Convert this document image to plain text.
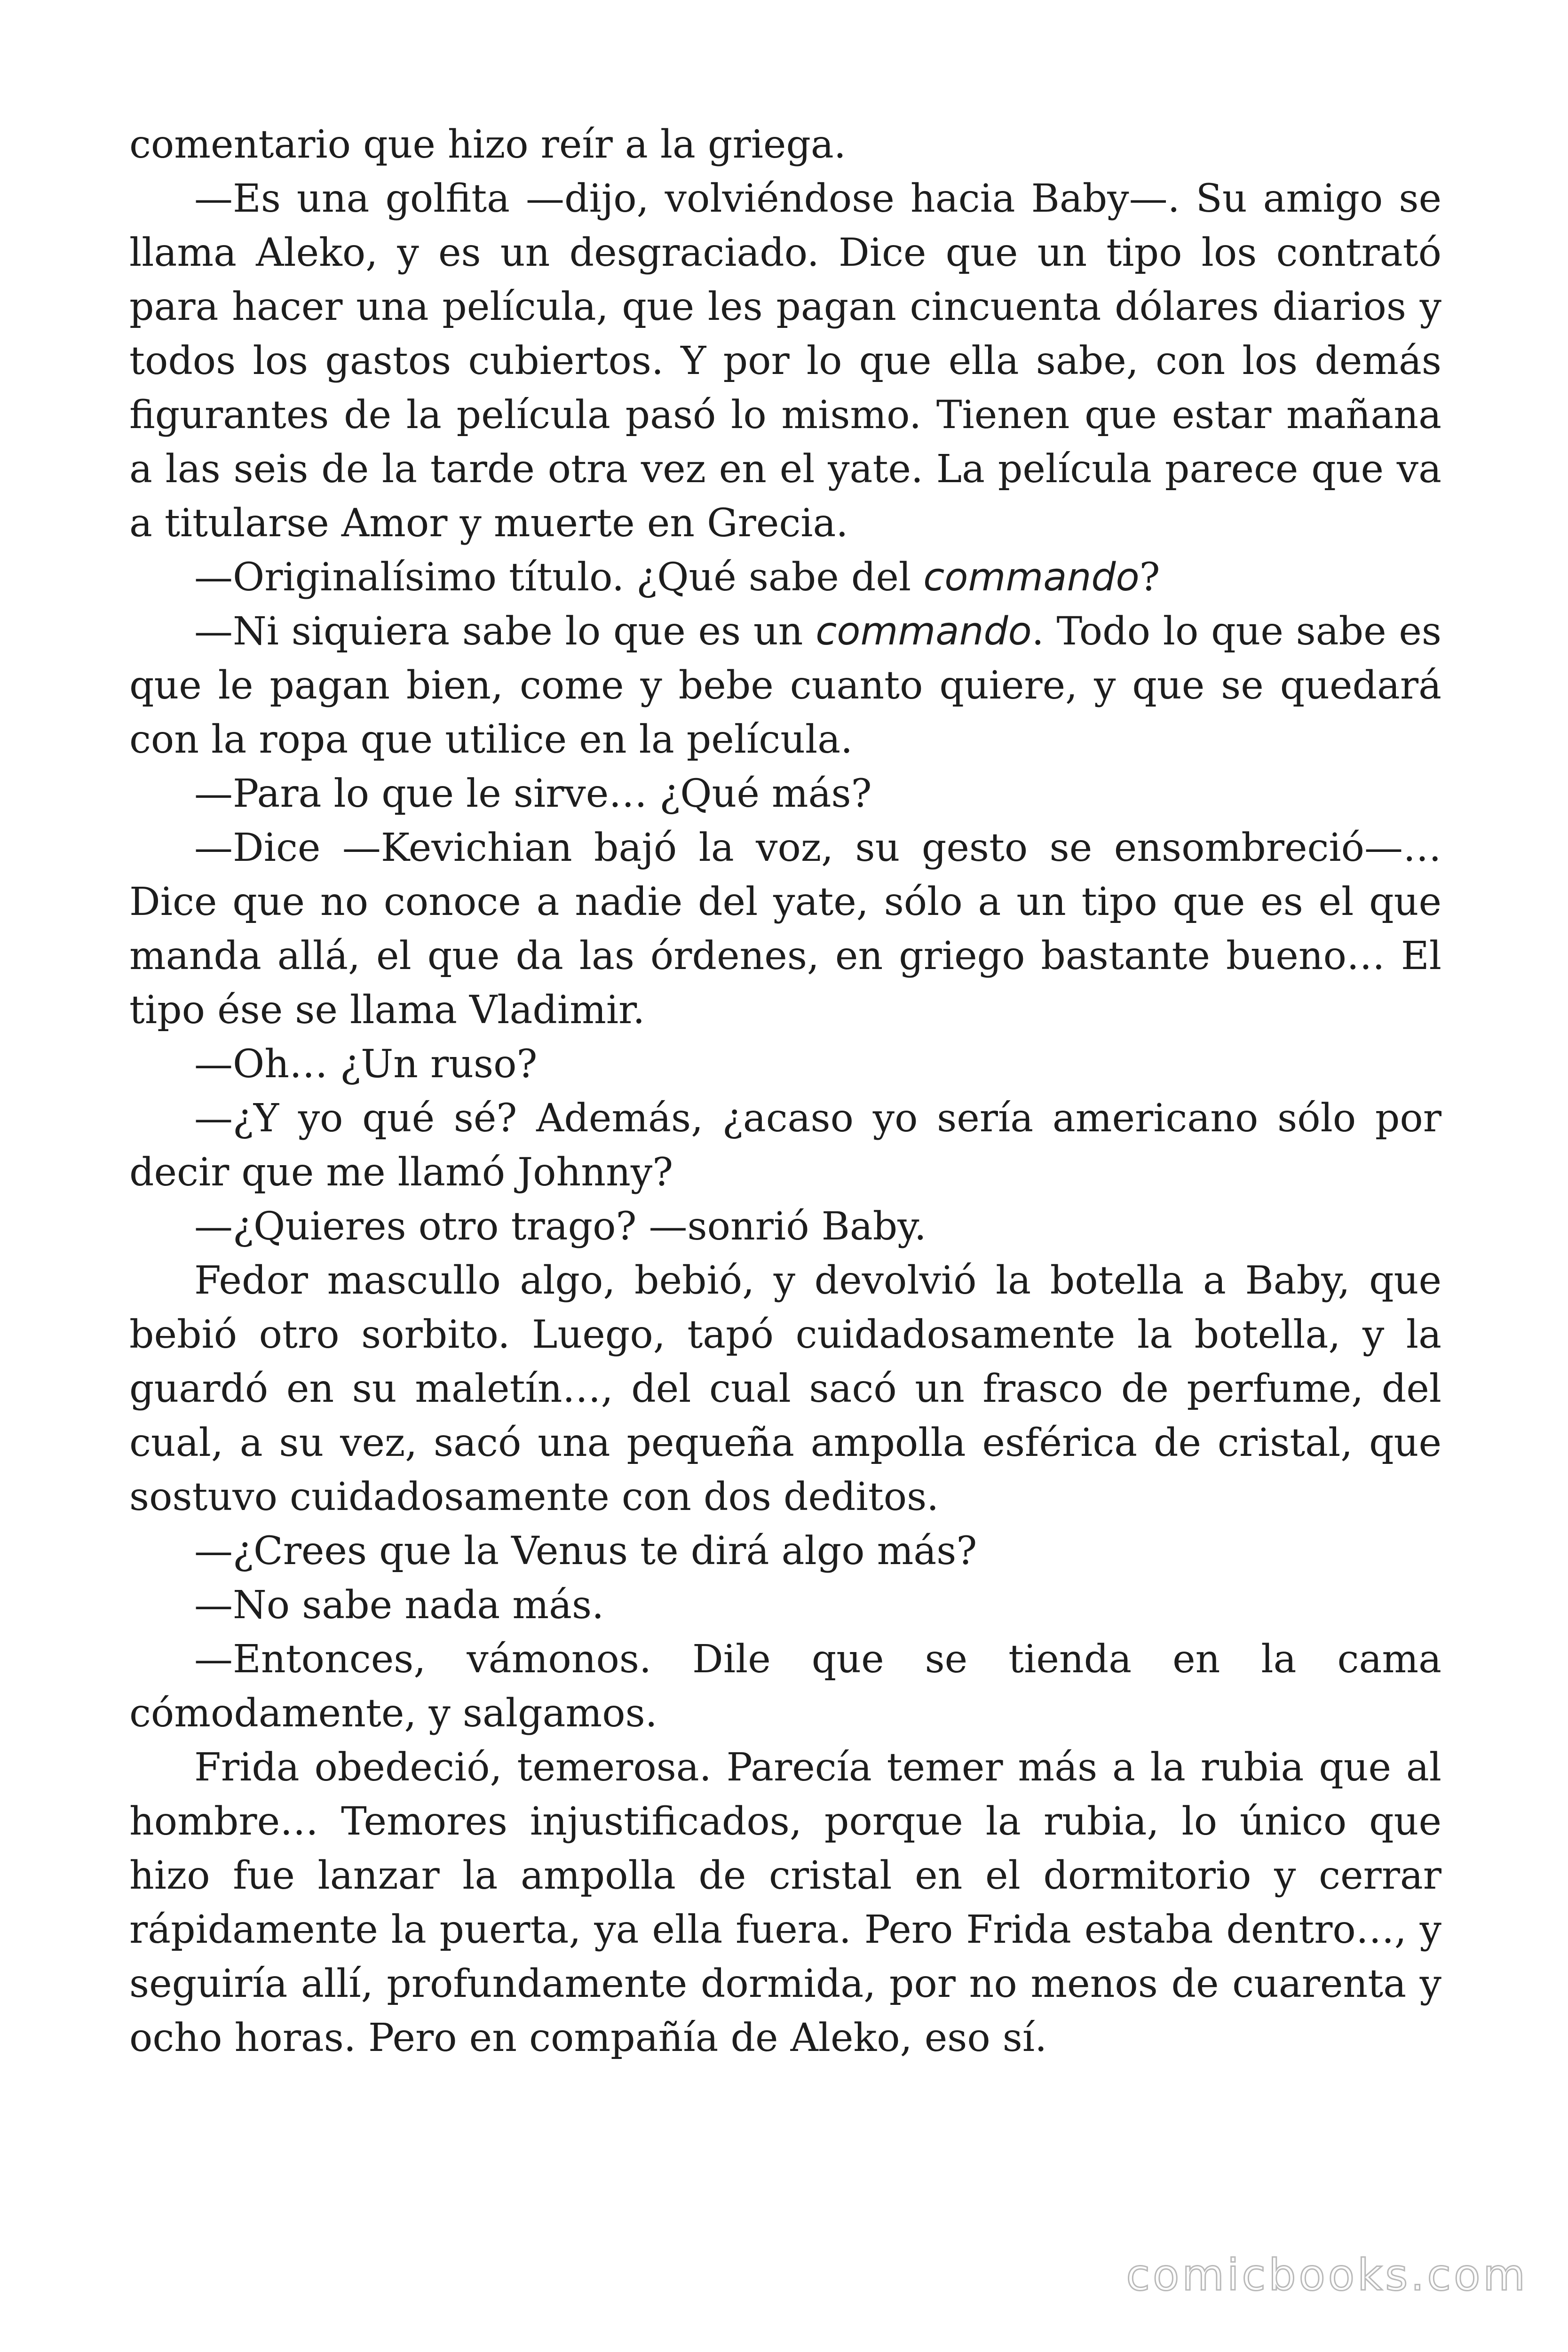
comentario que hizo reír a la griega.

—Es una golfita —dijo, volviéndose hacia Baby—. Su amigo se llama Aleko, y es un desgraciado. Dice que un tipo los contrató para hacer una película, que les pagan cincuenta dólares diarios y todos los gastos cubiertos. Y por lo que ella sabe, con los demás figurantes de la película pasó lo mismo. Tienen que estar mañana a las seis de la tarde otra vez en el yate. La película parece que va a titularse Amor y muerte en Grecia.

—Originalísimo título. ¿Qué sabe del commando?

—Ni siquiera sabe lo que es un commando. Todo lo que sabe es que le pagan bien, come y bebe cuanto quiere, y que se quedará con la ropa que utilice en la película.

—Para lo que le sirve… ¿Qué más?

—Dice —Kevichian bajó la voz, su gesto se ensombreció—… Dice que no conoce a nadie del yate, sólo a un tipo que es el que manda allá, el que da las órdenes, en griego bastante bueno… El tipo ése se llama Vladimir.

—Oh… ¿Un ruso?

—¿Y yo qué sé? Además, ¿acaso yo sería americano sólo por decir que me llamó Johnny?

—¿Quieres otro trago? —sonrió Baby.

Fedor mascullo algo, bebió, y devolvió la botella a Baby, que bebió otro sorbito. Luego, tapó cuidadosamente la botella, y la guardó en su maletín…, del cual sacó un frasco de perfume, del cual, a su vez, sacó una pequeña ampolla esférica de cristal, que sostuvo cuidadosamente con dos deditos.

—¿Crees que la Venus te dirá algo más?

—No sabe nada más.

—Entonces, vámonos. Dile que se tienda en la cama cómodamente, y salgamos.

Frida obedeció, temerosa. Parecía temer más a la rubia que al hombre… Temores injustificados, porque la rubia, lo único que hizo fue lanzar la ampolla de cristal en el dormitorio y cerrar rápidamente la puerta, ya ella fuera. Pero Frida estaba dentro…, y seguiría allí, profundamente dormida, por no menos de cuarenta y ocho horas. Pero en compañía de Aleko, eso sí.

comicbooks.com
